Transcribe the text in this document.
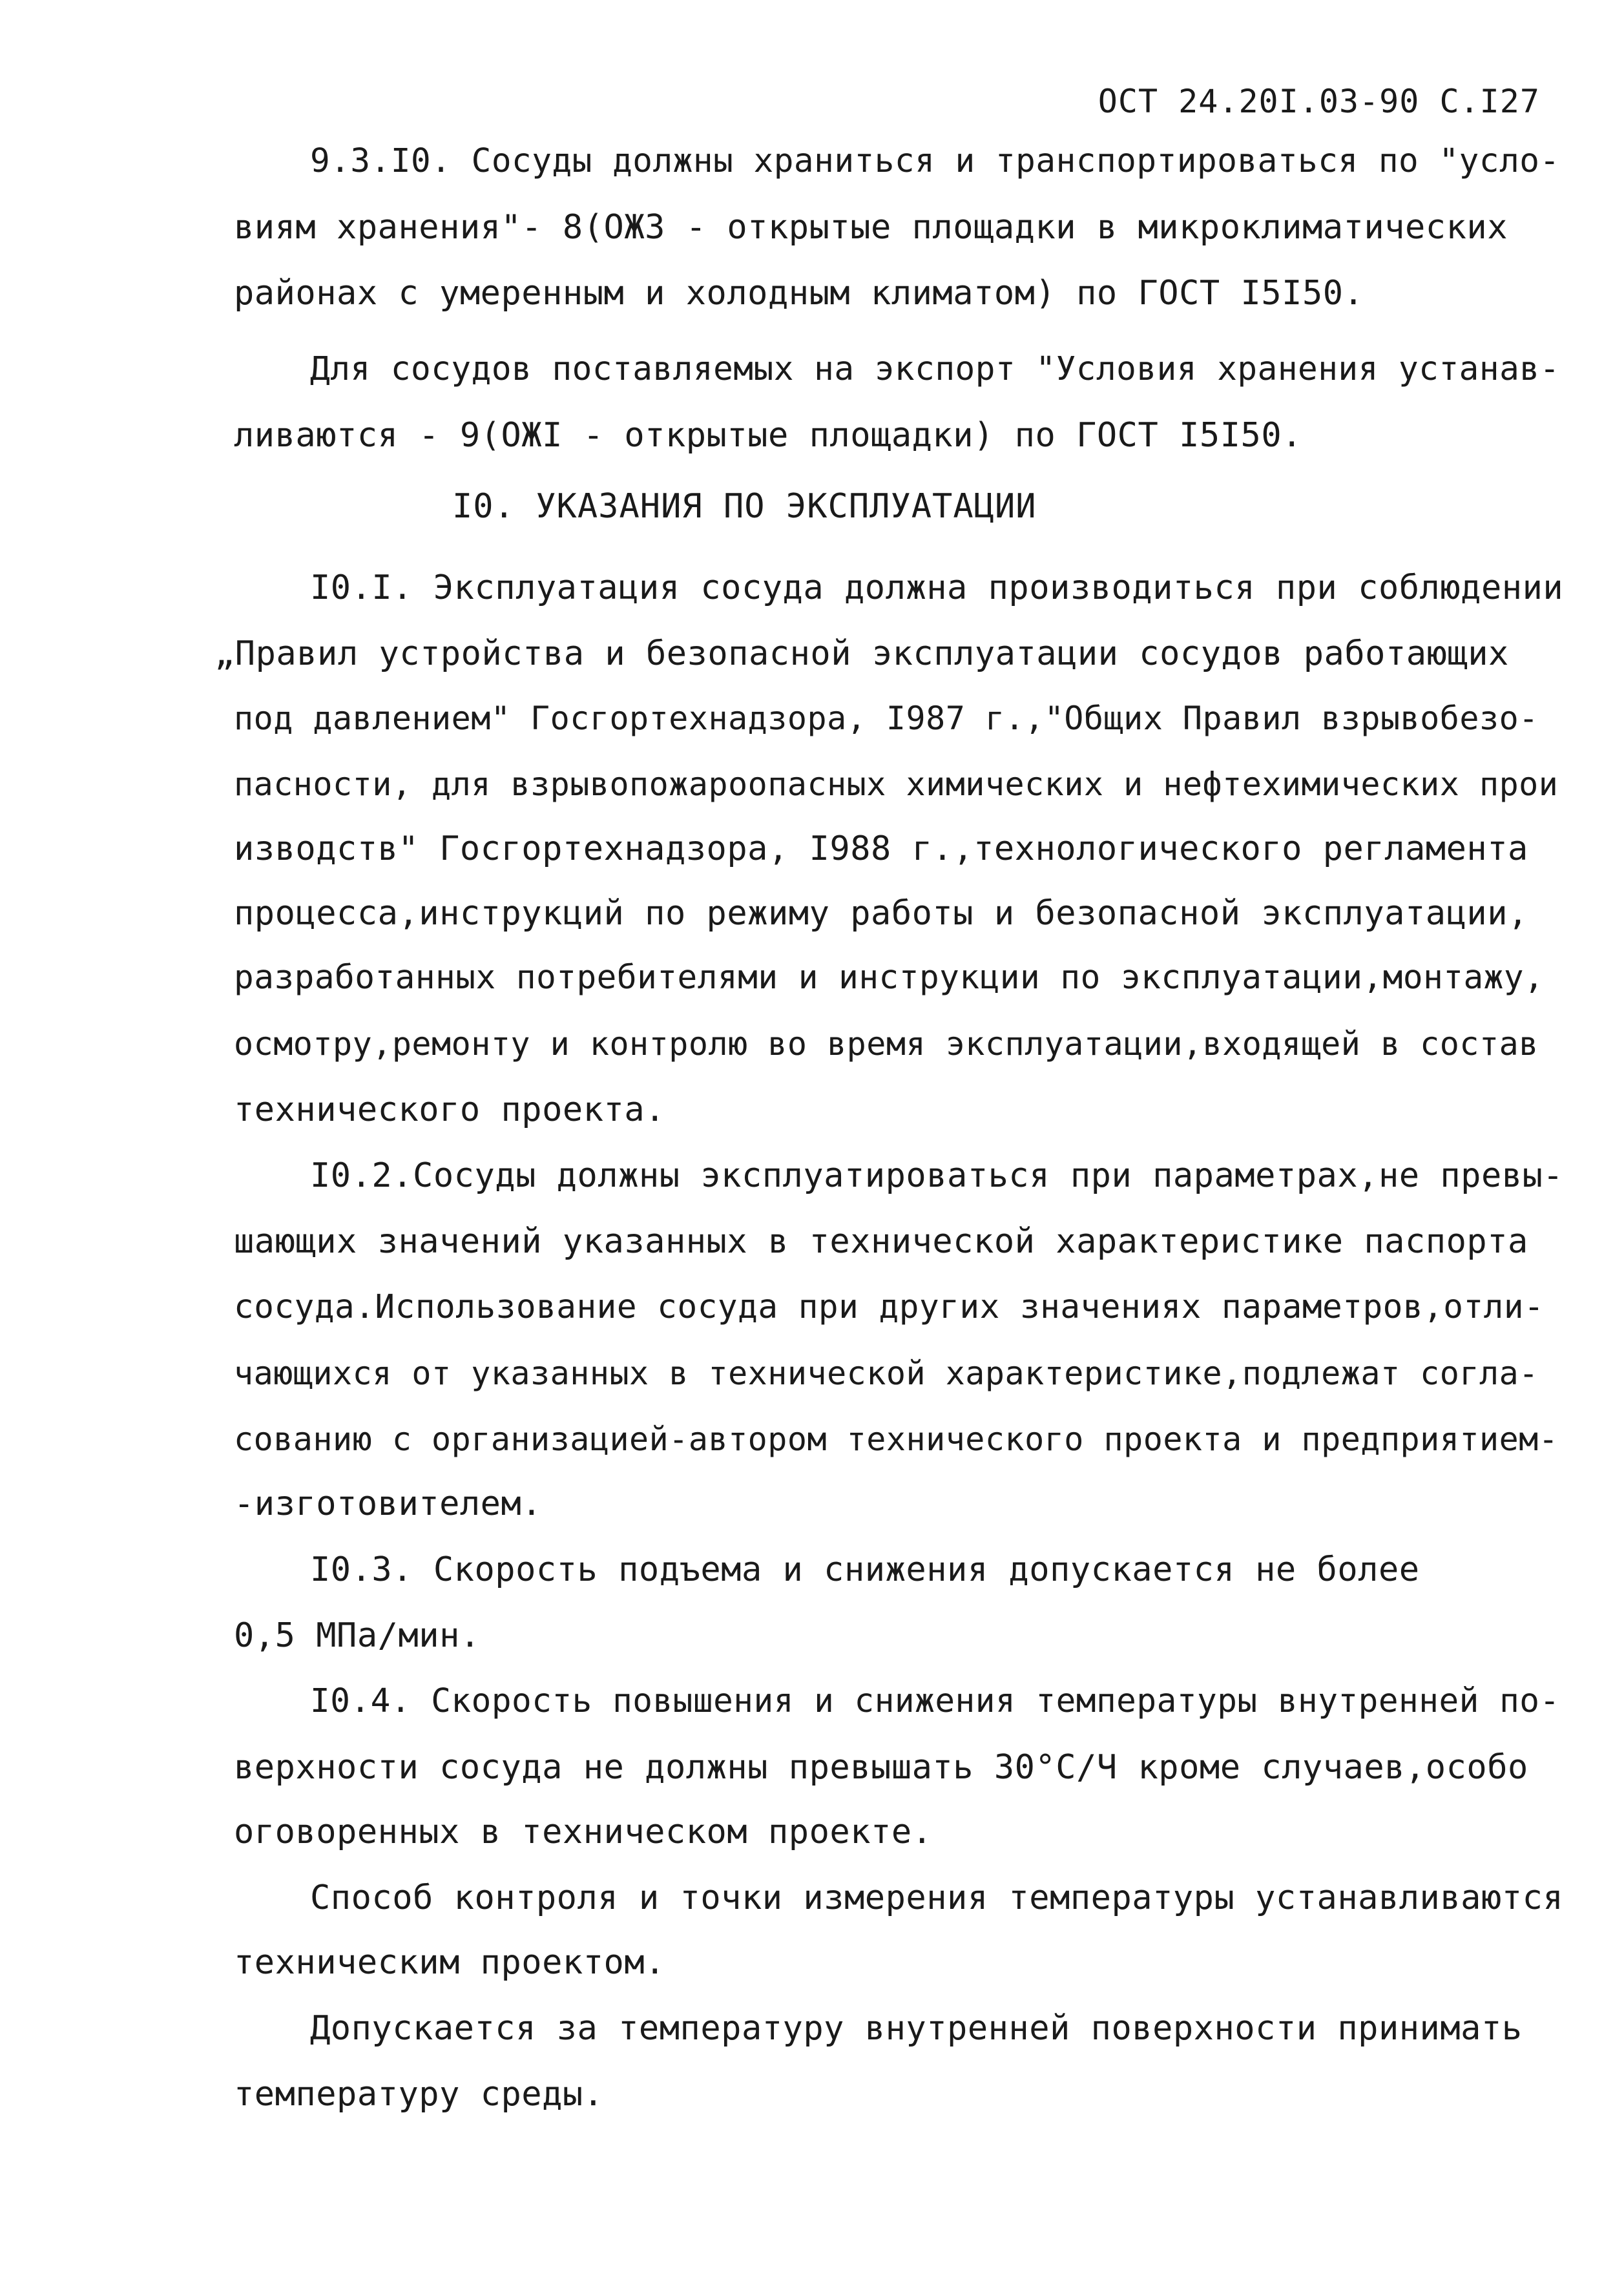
ОСТ 24.20I.03-90 С.I27
9.3.I0. Сосуды должны храниться и транспортироваться по "усло-
виям хранения"- 8(ОЖЗ - открытые площадки в микроклиматических
районах с умеренным и холодным климатом) по ГОСТ I5I50.
Для сосудов поставляемых на экспорт "Условия хранения устанав-
ливаются - 9(ОЖI - открытые площадки) по ГОСТ I5I50.
I0. УКАЗАНИЯ ПО ЭКСПЛУАТАЦИИ
I0.I. Эксплуатация сосуда должна производиться при соблюдении
„Правил устройства и безопасной эксплуатации сосудов работающих
под давлением" Госгортехнадзора, I987 г.,"Общих Правил взрывобезо-
пасности, для взрывопожароопасных химических и нефтехимических прои
изводств" Госгортехнадзора, I988 г.,технологического регламента
процесса,инструкций по режиму работы и безопасной эксплуатации,
разработанных потребителями и инструкции по эксплуатации,монтажу,
осмотру,ремонту и контролю во время эксплуатации,входящей в состав
технического проекта.
I0.2.Сосуды должны эксплуатироваться при параметрах,не превы-
шающих значений указанных в технической характеристике паспорта
сосуда.Использование сосуда при других значениях параметров,отли-
чающихся от указанных в технической характеристике,подлежат согла-
сованию с организацией-автором технического проекта и предприятием-
-изготовителем.
I0.3. Скорость подъема и снижения допускается не более
0,5 МПа/мин.
I0.4. Скорость повышения и снижения температуры внутренней по-
верхности сосуда не должны превышать 30°С/Ч кроме случаев,особо
оговоренных в техническом проекте.
Способ контроля и точки измерения температуры устанавливаются
техническим проектом.
Допускается за температуру внутренней поверхности принимать
температуру среды.
